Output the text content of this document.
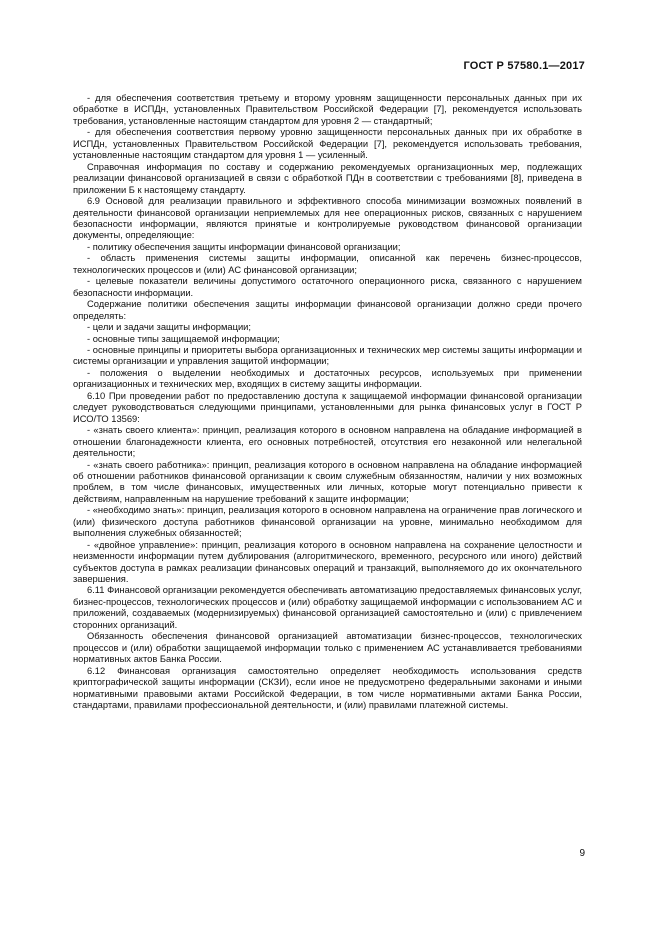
ГОСТ Р 57580.1—2017

- для обеспечения соответствия третьему и второму уровням защищенности персональных данных при их обработке в ИСПДн, установленных Правительством Российской Федерации [7], рекомендуется использовать требования, установленные настоящим стандартом для уровня 2 — стандартный;

- для обеспечения соответствия первому уровню защищенности персональных данных при их обработке в ИСПДн, установленных Правительством Российской Федерации [7], рекомендуется использовать требования, установленные настоящим стандартом для уровня 1 — усиленный.

Справочная информация по составу и содержанию рекомендуемых организационных мер, подлежащих реализации финансовой организацией в связи с обработкой ПДн в соответствии с требованиями [8], приведена в приложении Б к настоящему стандарту.

6.9 Основой для реализации правильного и эффективного способа минимизации возможных появлений в деятельности финансовой организации неприемлемых для нее операционных рисков, связанных с нарушением безопасности информации, являются принятые и контролируемые руководством финансовой организации документы, определяющие:

- политику обеспечения защиты информации финансовой организации;

- область применения системы защиты информации, описанной как перечень бизнес-процессов, технологических процессов и (или) АС финансовой организации;

- целевые показатели величины допустимого остаточного операционного риска, связанного с нарушением безопасности информации.

Содержание политики обеспечения защиты информации финансовой организации должно среди прочего определять:

- цели и задачи защиты информации;

- основные типы защищаемой информации;

- основные принципы и приоритеты выбора организационных и технических мер системы защиты информации и системы организации и управления защитой информации;

- положения о выделении необходимых и достаточных ресурсов, используемых при применении организационных и технических мер, входящих в систему защиты информации.

6.10 При проведении работ по предоставлению доступа к защищаемой информации финансовой организации следует руководствоваться следующими принципами, установленными для рынка финансовых услуг в ГОСТ Р ИСО/ТО 13569:

- «знать своего клиента»: принцип, реализация которого в основном направлена на обладание информацией в отношении благонадежности клиента, его основных потребностей, отсутствия его незаконной или нелегальной деятельности;

- «знать своего работника»: принцип, реализация которого в основном направлена на обладание информацией об отношении работников финансовой организации к своим служебным обязанностям, наличии у них возможных проблем, в том числе финансовых, имущественных или личных, которые могут потенциально привести к действиям, направленным на нарушение требований к защите информации;

- «необходимо знать»: принцип, реализация которого в основном направлена на ограничение прав логического и (или) физического доступа работников финансовой организации на уровне, минимально необходимом для выполнения служебных обязанностей;

- «двойное управление»: принцип, реализация которого в основном направлена на сохранение целостности и неизменности информации путем дублирования (алгоритмического, временного, ресурсного или иного) действий субъектов доступа в рамках реализации финансовых операций и транзакций, выполняемого до их окончательного завершения.

6.11 Финансовой организации рекомендуется обеспечивать автоматизацию предоставляемых финансовых услуг, бизнес-процессов, технологических процессов и (или) обработку защищаемой информации с использованием АС и приложений, создаваемых (модернизируемых) финансовой организацией самостоятельно и (или) с привлечением сторонних организаций.

Обязанность обеспечения финансовой организацией автоматизации бизнес-процессов, технологических процессов и (или) обработки защищаемой информации только с применением АС устанавливается требованиями нормативных актов Банка России.

6.12 Финансовая организация самостоятельно определяет необходимость использования средств криптографической защиты информации (СКЗИ), если иное не предусмотрено федеральными законами и иными нормативными правовыми актами Российской Федерации, в том числе нормативными актами Банка России, стандартами, правилами профессиональной деятельности, и (или) правилами платежной системы.

9
